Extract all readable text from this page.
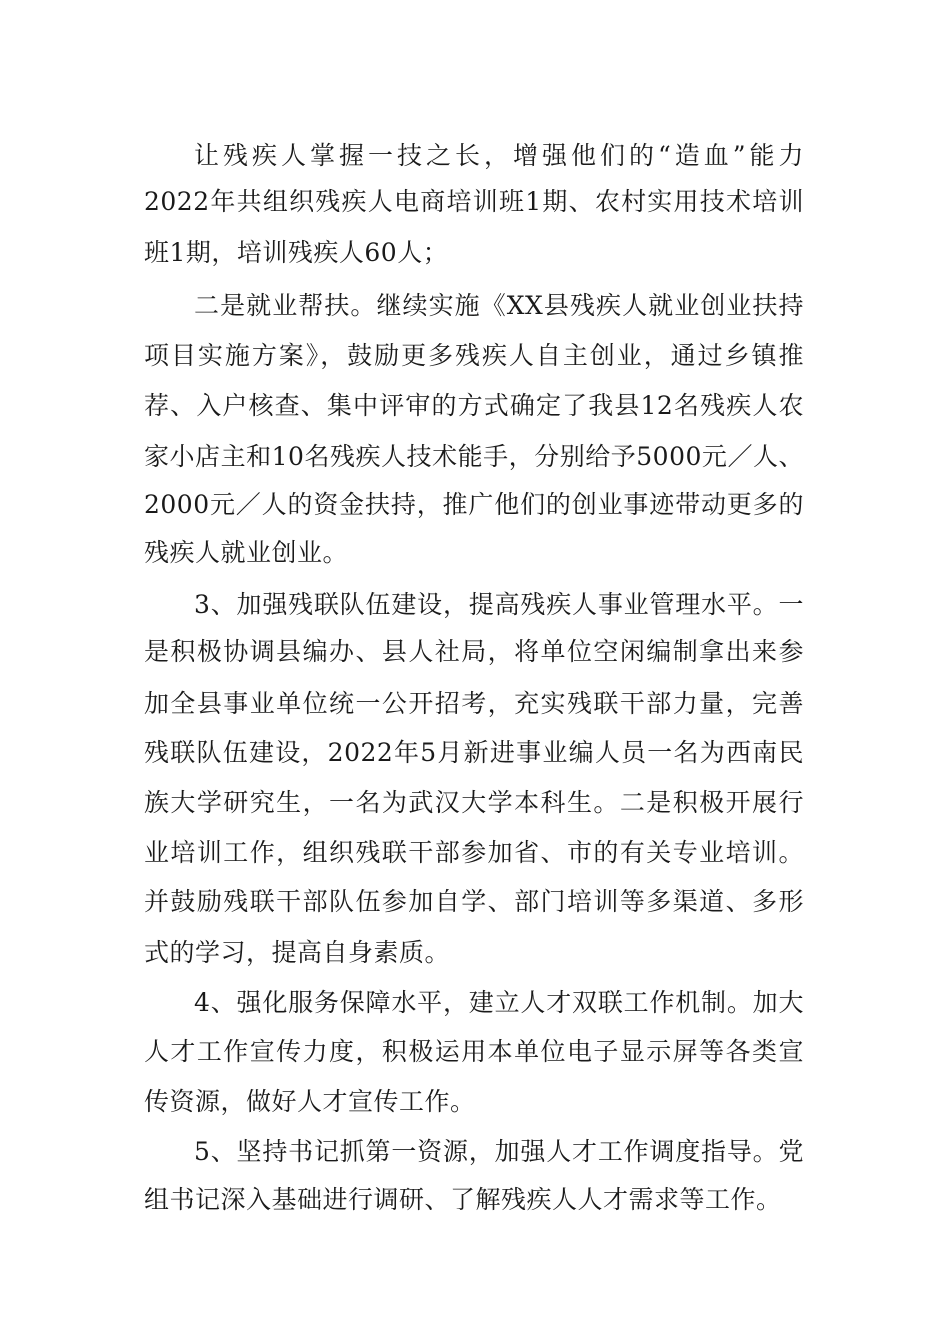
让残疾人掌握一技之长，增强他们的“造血”能力
2022年共组织残疾人电商培训班1期、农村实用技术培训
班1期，培训残疾人60人；
二是就业帮扶。继续实施《XX县残疾人就业创业扶持
项目实施方案》，鼓励更多残疾人自主创业，通过乡镇推
荐、入户核查、集中评审的方式确定了我县12名残疾人农
家小店主和10名残疾人技术能手，分别给予5000元／人、
2000元／人的资金扶持，推广他们的创业事迹带动更多的
残疾人就业创业。
3、加强残联队伍建设，提高残疾人事业管理水平。一
是积极协调县编办、县人社局，将单位空闲编制拿出来参
加全县事业单位统一公开招考，充实残联干部力量，完善
残联队伍建设，2022年5月新进事业编人员一名为西南民
族大学研究生，一名为武汉大学本科生。二是积极开展行
业培训工作，组织残联干部参加省、市的有关专业培训。
并鼓励残联干部队伍参加自学、部门培训等多渠道、多形
式的学习，提高自身素质。
4、强化服务保障水平，建立人才双联工作机制。加大
人才工作宣传力度，积极运用本单位电子显示屏等各类宣
传资源，做好人才宣传工作。
5、坚持书记抓第一资源，加强人才工作调度指导。党
组书记深入基础进行调研、了解残疾人人才需求等工作。
